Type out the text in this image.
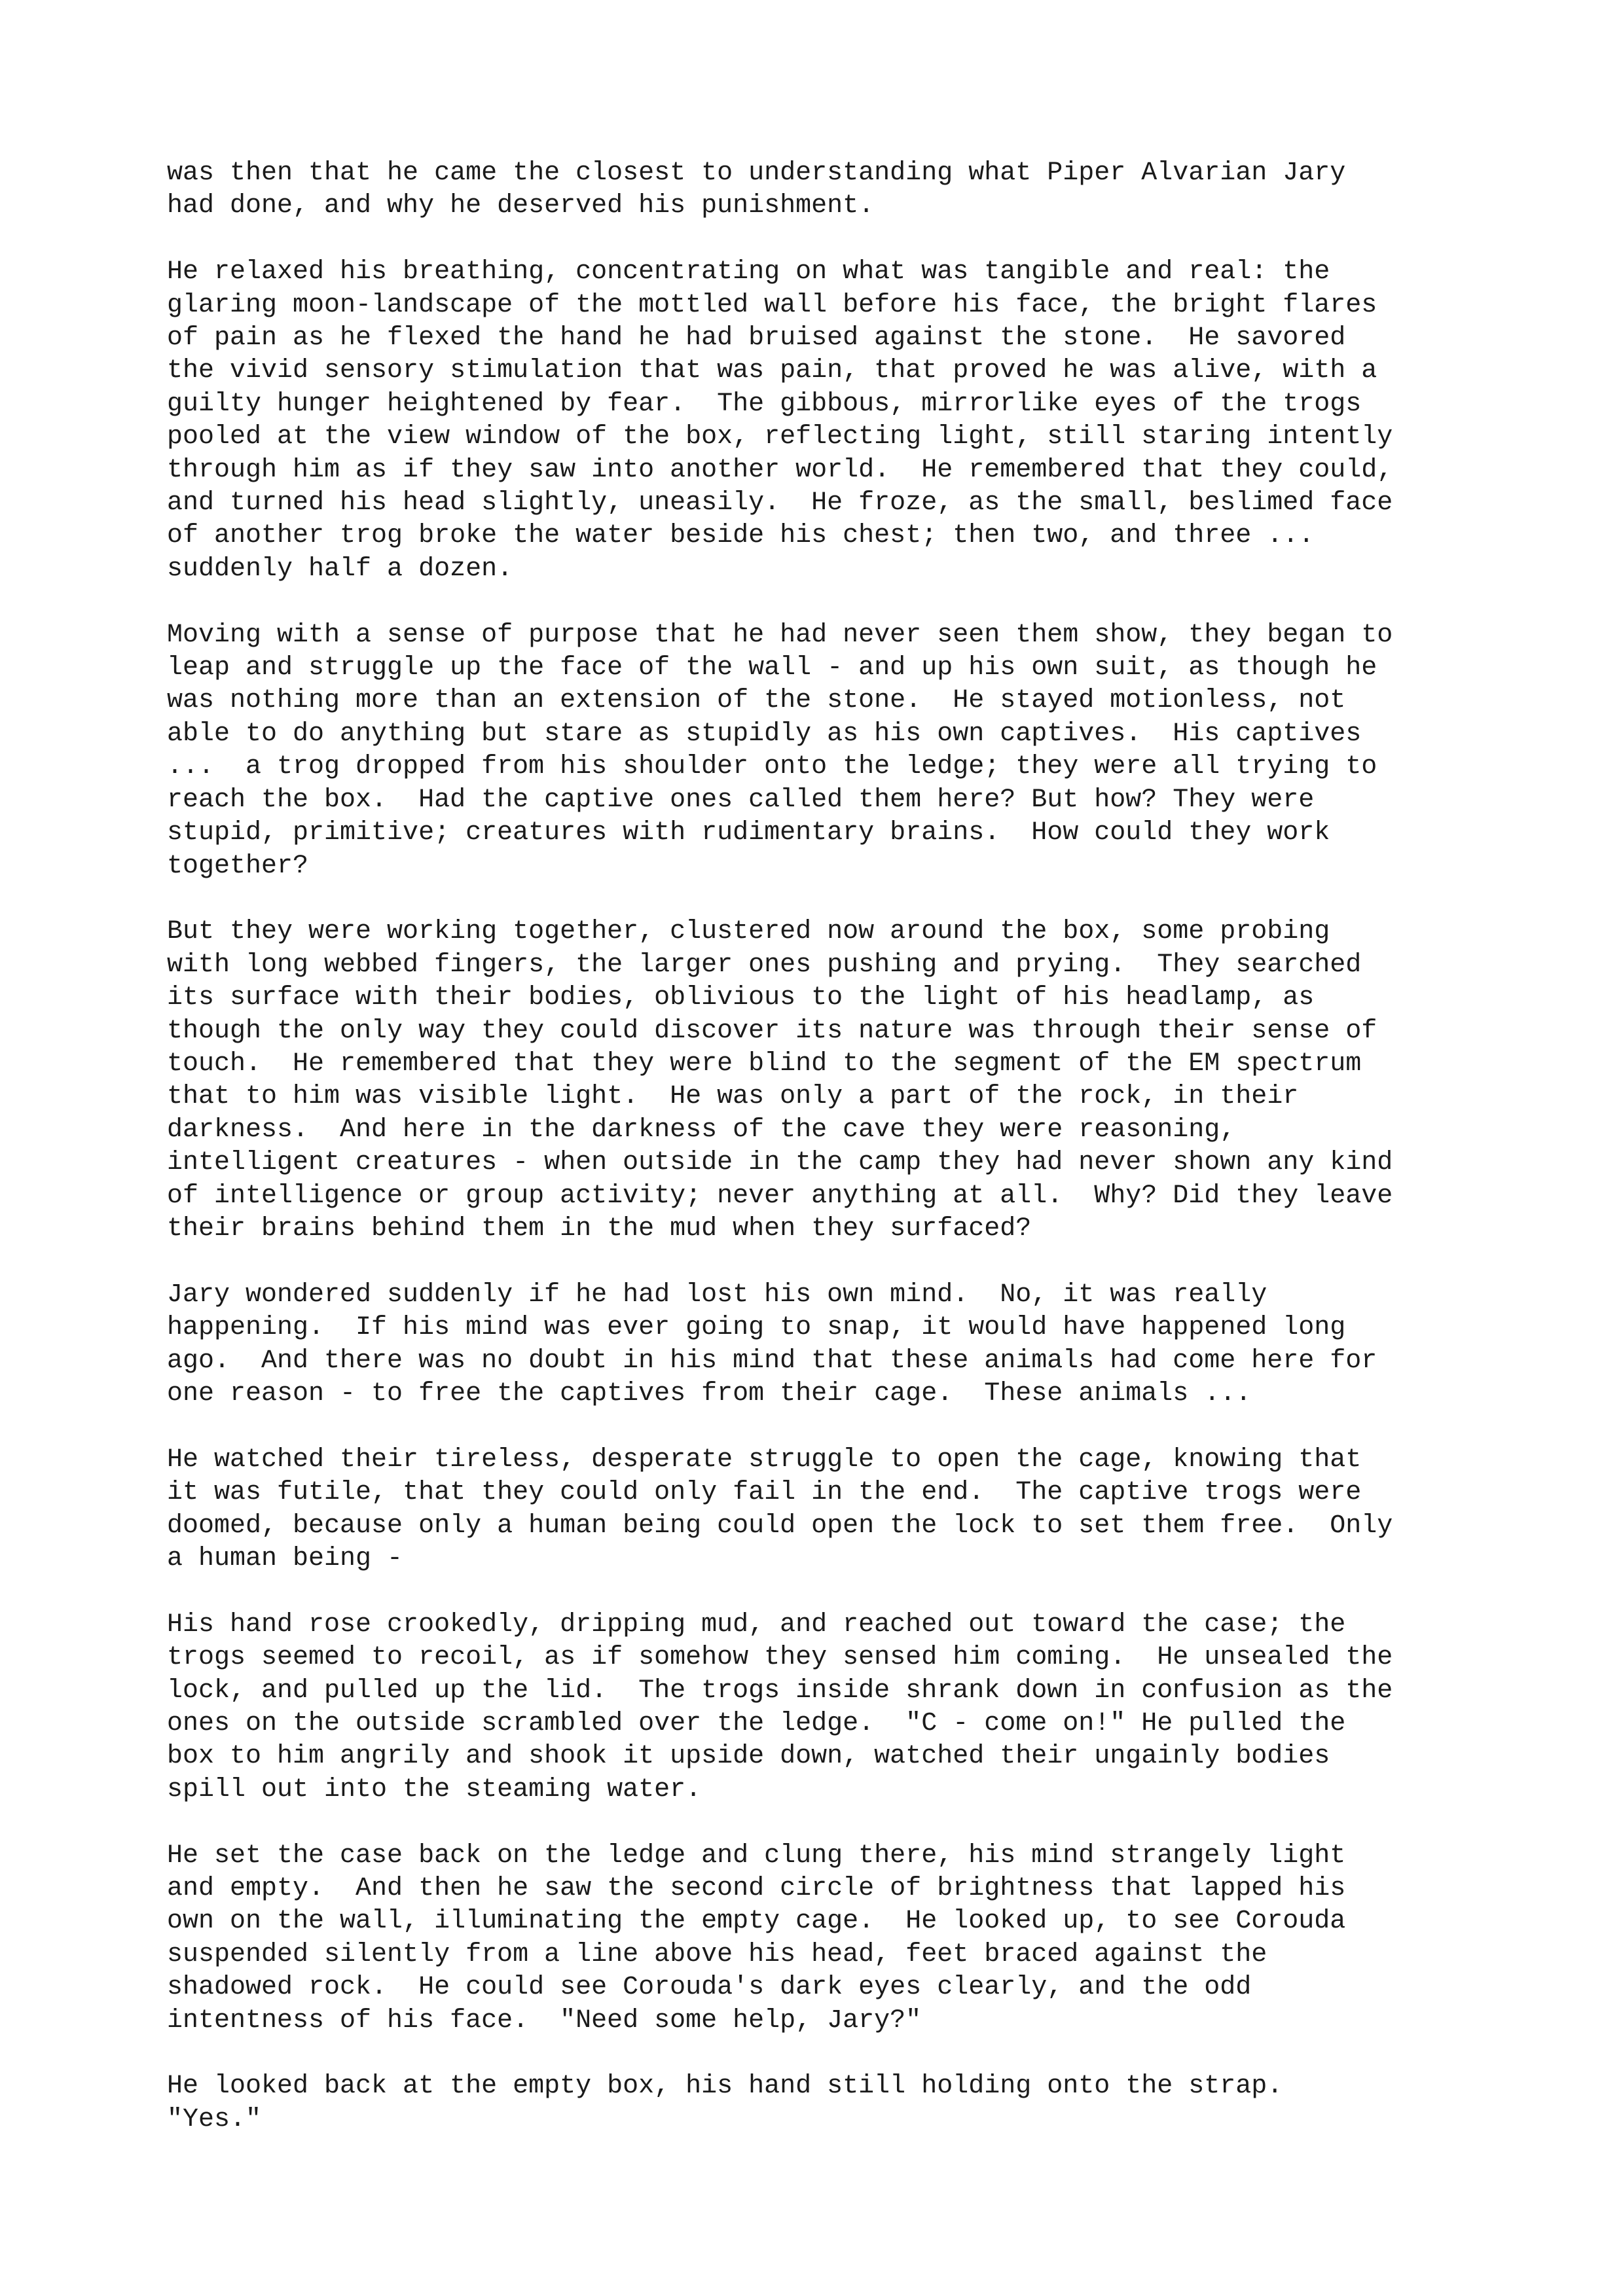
was then that he came the closest to understanding what Piper Alvarian Jary
had done, and why he deserved his punishment.
He relaxed his breathing, concentrating on what was tangible and real: the
glaring moon-landscape of the mottled wall before his face, the bright flares
of pain as he flexed the hand he had bruised against the stone.  He savored
the vivid sensory stimulation that was pain, that proved he was alive, with a
guilty hunger heightened by fear.  The gibbous, mirrorlike eyes of the trogs
pooled at the view window of the box, reflecting light, still staring intently
through him as if they saw into another world.  He remembered that they could,
and turned his head slightly, uneasily.  He froze, as the small, beslimed face
of another trog broke the water beside his chest; then two, and three ...
suddenly half a dozen.
Moving with a sense of purpose that he had never seen them show, they began to
leap and struggle up the face of the wall - and up his own suit, as though he
was nothing more than an extension of the stone.  He stayed motionless, not
able to do anything but stare as stupidly as his own captives.  His captives
...  a trog dropped from his shoulder onto the ledge; they were all trying to
reach the box.  Had the captive ones called them here? But how? They were
stupid, primitive; creatures with rudimentary brains.  How could they work
together?
But they were working together, clustered now around the box, some probing
with long webbed fingers, the larger ones pushing and prying.  They searched
its surface with their bodies, oblivious to the light of his headlamp, as
though the only way they could discover its nature was through their sense of
touch.  He remembered that they were blind to the segment of the EM spectrum
that to him was visible light.  He was only a part of the rock, in their
darkness.  And here in the darkness of the cave they were reasoning,
intelligent creatures - when outside in the camp they had never shown any kind
of intelligence or group activity; never anything at all.  Why? Did they leave
their brains behind them in the mud when they surfaced?
Jary wondered suddenly if he had lost his own mind.  No, it was really
happening.  If his mind was ever going to snap, it would have happened long
ago.  And there was no doubt in his mind that these animals had come here for
one reason - to free the captives from their cage.  These animals ...
He watched their tireless, desperate struggle to open the cage, knowing that
it was futile, that they could only fail in the end.  The captive trogs were
doomed, because only a human being could open the lock to set them free.  Only
a human being -
His hand rose crookedly, dripping mud, and reached out toward the case; the
trogs seemed to recoil, as if somehow they sensed him coming.  He unsealed the
lock, and pulled up the lid.  The trogs inside shrank down in confusion as the
ones on the outside scrambled over the ledge.  "C - come on!" He pulled the
box to him angrily and shook it upside down, watched their ungainly bodies
spill out into the steaming water.
He set the case back on the ledge and clung there, his mind strangely light
and empty.  And then he saw the second circle of brightness that lapped his
own on the wall, illuminating the empty cage.  He looked up, to see Corouda
suspended silently from a line above his head, feet braced against the
shadowed rock.  He could see Corouda's dark eyes clearly, and the odd
intentness of his face.  "Need some help, Jary?"
He looked back at the empty box, his hand still holding onto the strap.
"Yes."
